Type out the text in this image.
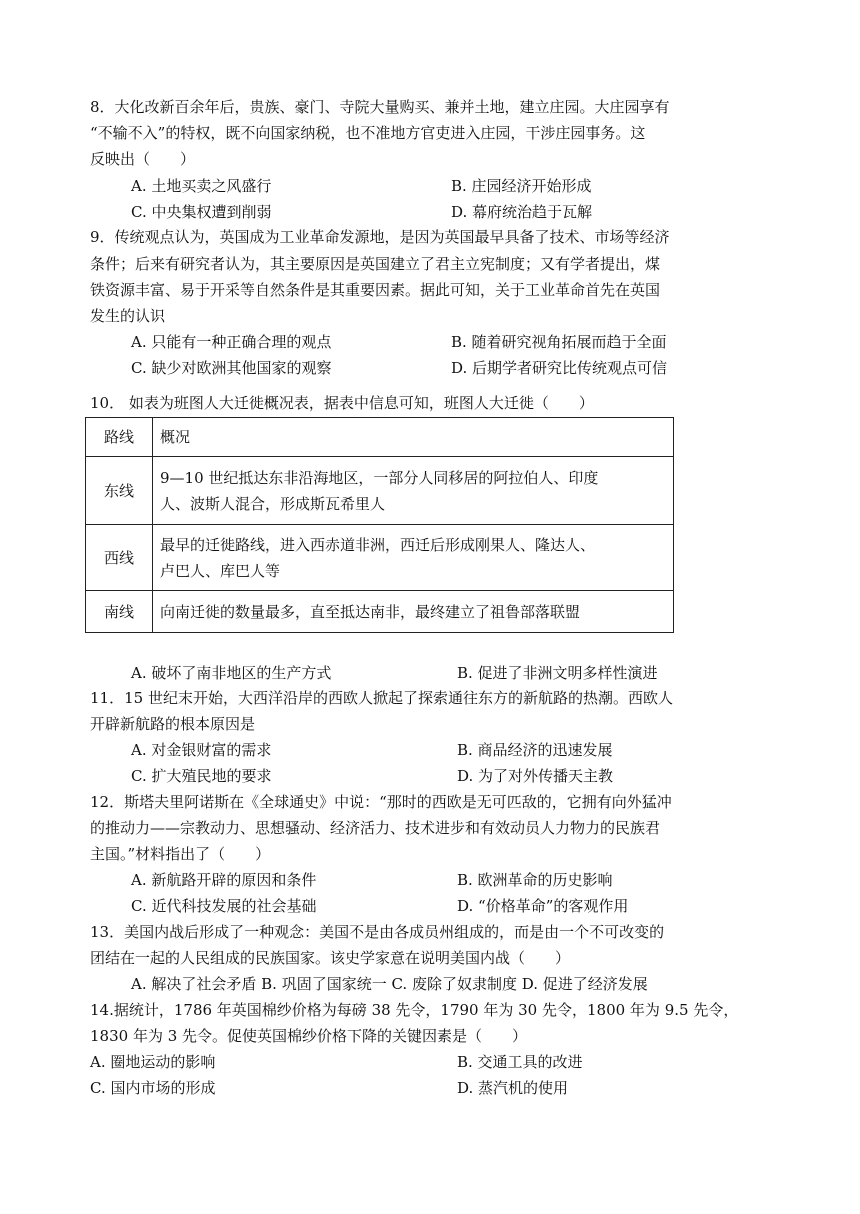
8．大化改新百余年后，贵族、豪门、寺院大量购买、兼并土地，建立庄园。大庄园享有
“不输不入”的特权，既不向国家纳税，也不准地方官吏进入庄园，干涉庄园事务。这
反映出（　　）
A. 土地买卖之风盛行	B. 庄园经济开始形成
C. 中央集权遭到削弱	D. 幕府统治趋于瓦解
9．传统观点认为，英国成为工业革命发源地，是因为英国最早具备了技术、市场等经济
条件；后来有研究者认为，其主要原因是英国建立了君主立宪制度；又有学者提出，煤
铁资源丰富、易于开采等自然条件是其重要因素。据此可知，关于工业革命首先在英国
发生的认识
A. 只能有一种正确合理的观点	B. 随着研究视角拓展而趋于全面
C. 缺少对欧洲其他国家的观察	D. 后期学者研究比传统观点可信
10． 如表为班图人大迁徙概况表，据表中信息可知，班图人大迁徙（　　）
路线	概况
东线	9—10 世纪抵达东非沿海地区，一部分人同移居的阿拉伯人、印度
人、波斯人混合，形成斯瓦希里人

西线	最早的迁徙路线，进入西赤道非洲，西迁后形成刚果人、隆达人、
卢巴人、库巴人等

南线	向南迁徙的数量最多，直至抵达南非，最终建立了祖鲁部落联盟
A. 破坏了南非地区的生产方式	B. 促进了非洲文明多样性演进
11．15 世纪末开始，大西洋沿岸的西欧人掀起了探索通往东方的新航路的热潮。西欧人
开辟新航路的根本原因是
A. 对金银财富的需求	B. 商品经济的迅速发展
C. 扩大殖民地的要求	D. 为了对外传播天主教
12．斯塔夫里阿诺斯在《全球通史》中说：“那时的西欧是无可匹敌的，它拥有向外猛冲
的推动力——宗教动力、思想骚动、经济活力、技术进步和有效动员人力物力的民族君
主国。”材料指出了（　　）
A. 新航路开辟的原因和条件	B. 欧洲革命的历史影响
C. 近代科技发展的社会基础	D. “价格革命”的客观作用
13．美国内战后形成了一种观念：美国不是由各成员州组成的，而是由一个不可改变的
团结在一起的人民组成的民族国家。该史学家意在说明美国内战（　　）
A. 解决了社会矛盾 B. 巩固了国家统一 C. 废除了奴隶制度 D. 促进了经济发展
14.据统计，1786 年英国棉纱价格为每磅 38 先令，1790 年为 30 先令，1800 年为 9.5 先令，
1830 年为 3 先令。促使英国棉纱价格下降的关键因素是（　　）
A. 圈地运动的影响	B. 交通工具的改进
C. 国内市场的形成	D. 蒸汽机的使用
